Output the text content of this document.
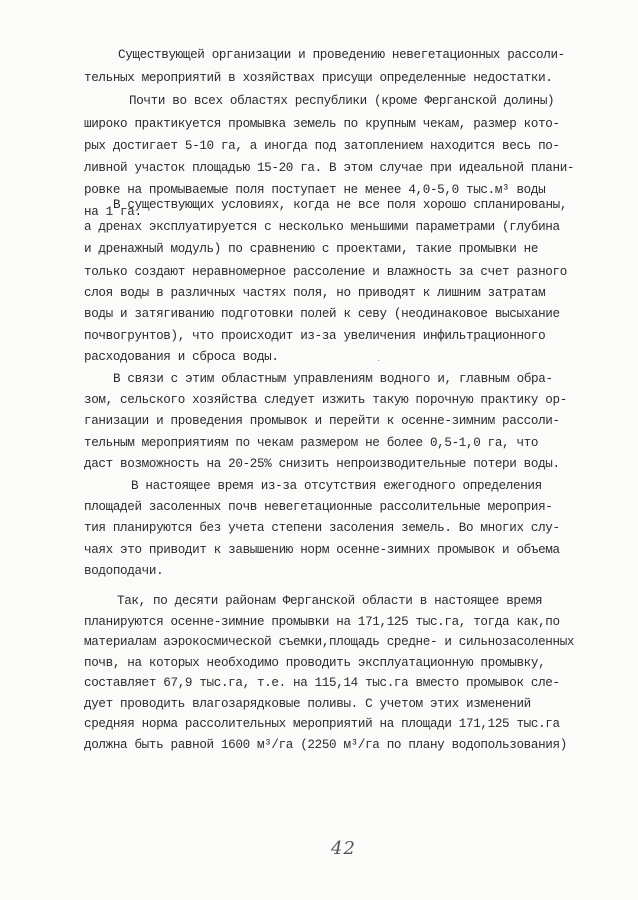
Существующей организации и проведению невегетационных рассоли-
тельных мероприятий в хозяйствах присущи определенные недостатки.
Почти во всех областях республики (кроме Ферганской долины)
широко практикуется промывка земель по крупным чекам, размер кото-
рых достигает 5-10 га, а иногда под затоплением находится весь по-
ливной участок площадью 15-20 га. В этом случае при идеальной плани-
ровке на промываемые поля поступает не менее 4,0-5,0 тыс.м³ воды
на 1 га.
В существующих условиях, когда не все поля хорошо спланированы,
а дренах эксплуатируется с несколько меньшими параметрами (глубина
и дренажный модуль) по сравнению с проектами, такие промывки не
только создают неравномерное рассоление и влажность за счет разного
слоя воды в различных частях поля, но приводят к лишним затратам
воды и затягиванию подготовки полей к севу (неодинаковое высыхание
почвогрунтов), что происходит из-за увеличения инфильтрационного
расходования и сброса воды.
В связи с этим областным управлениям водного и, главным обра-
зом, сельского хозяйства следует изжить такую порочную практику ор-
ганизации и проведения промывок и перейти к осенне-зимним рассоли-
тельным мероприятиям по чекам размером не более 0,5-1,0 га, что
даст возможность на 20-25% снизить непроизводительные потери воды.
В настоящее время из-за отсутствия ежегодного определения
площадей засоленных почв невегетационные рассолительные мероприя-
тия планируются без учета степени засоления земель. Во многих слу-
чаях это приводит к завышению норм осенне-зимних промывок и объема
водоподачи.
Так, по десяти районам Ферганской области в настоящее время
планируются осенне-зимние промывки на 171,125 тыс.га, тогда как,по
материалам аэрокосмической съемки,площадь средне- и сильнозасоленных
почв, на которых необходимо проводить эксплуатационную промывку,
составляет 67,9 тыс.га, т.е. на 115,14 тыс.га вместо промывок сле-
дует проводить влагозарядковые поливы. С учетом этих изменений
средняя норма рассолительных мероприятий на площади 171,125 тыс.га
должна быть равной 1600 м³/га (2250 м³/га по плану водопользования)
˙
42
